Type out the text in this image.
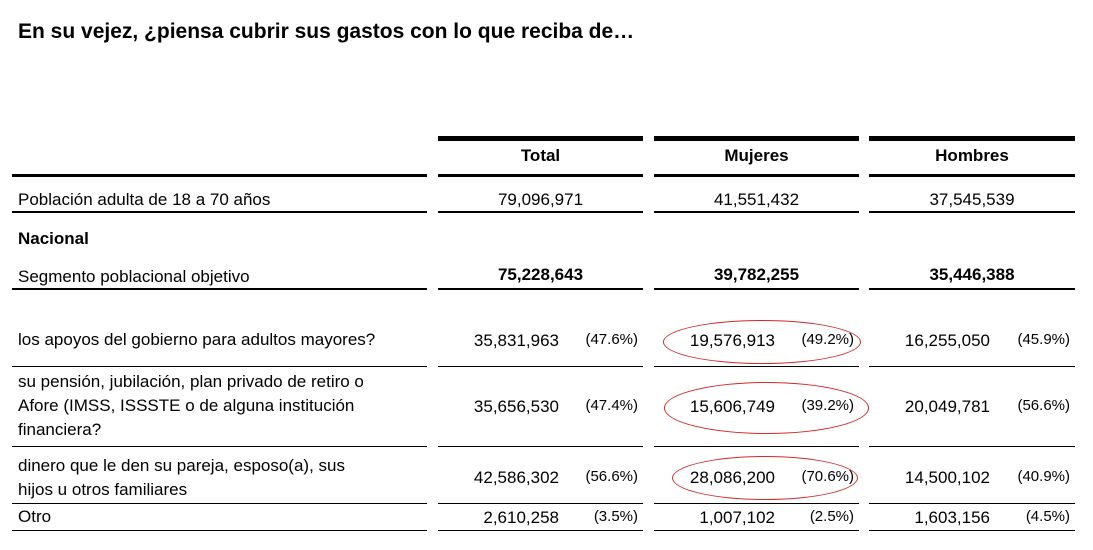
En su vejez, ¿piensa cubrir sus gastos con lo que reciba de…
Total	Mujeres	Hombres
Población adulta de 18 a 70 años	79,096,971	41,551,432	37,545,539
Nacional
Segmento poblacional objetivo	75,228,643	39,782,255	35,446,388
los apoyos del gobierno para adultos mayores?	35,831,963	(47.6%)	19,576,913	(49.2%)	16,255,050	(45.9%)
su pensión, jubilación, plan privado de retiro o
Afore (IMSS, ISSSTE o de alguna institución
financiera?
35,656,530	(47.4%)	15,606,749	(39.2%)	20,049,781	(56.6%)
dinero que le den su pareja, esposo(a), sus
hijos u otros familiares
42,586,302	(56.6%)	28,086,200	(70.6%)	14,500,102	(40.9%)
Otro	2,610,258	(3.5%)	1,007,102	(2.5%)	1,603,156	(4.5%)
